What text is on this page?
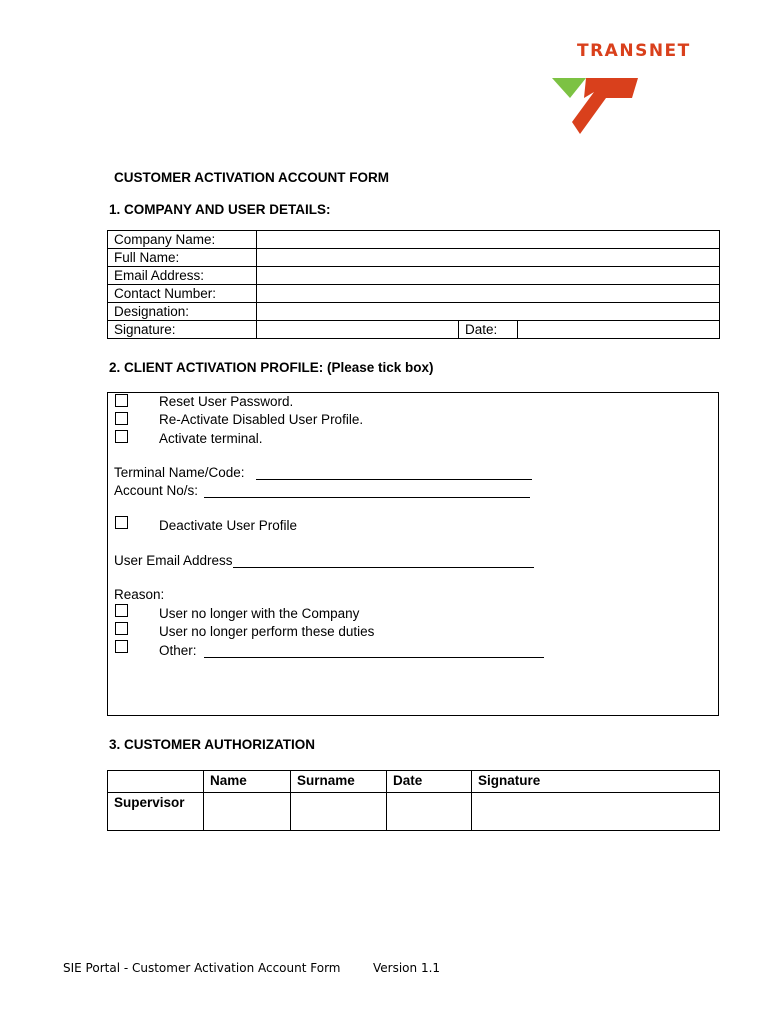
TRANSNET
CUSTOMER ACTIVATION ACCOUNT FORM
1. COMPANY AND USER DETAILS:
Company Name:			
Full Name:			
Email Address:			
Contact Number:			
Designation:			
Signature:		Date:	
2. CLIENT ACTIVATION PROFILE: (Please tick box)
Reset User Password.
Re-Activate Disabled User Profile.
Activate terminal.
Terminal Name/Code:
Account No/s:
Deactivate User Profile
User Email Address
Reason:
User no longer with the Company
User no longer perform these duties
Other:
3. CUSTOMER AUTHORIZATION
	Name	Surname	Date	Signature
Supervisor				
SIE Portal - Customer Activation Account Form	Version 1.1
